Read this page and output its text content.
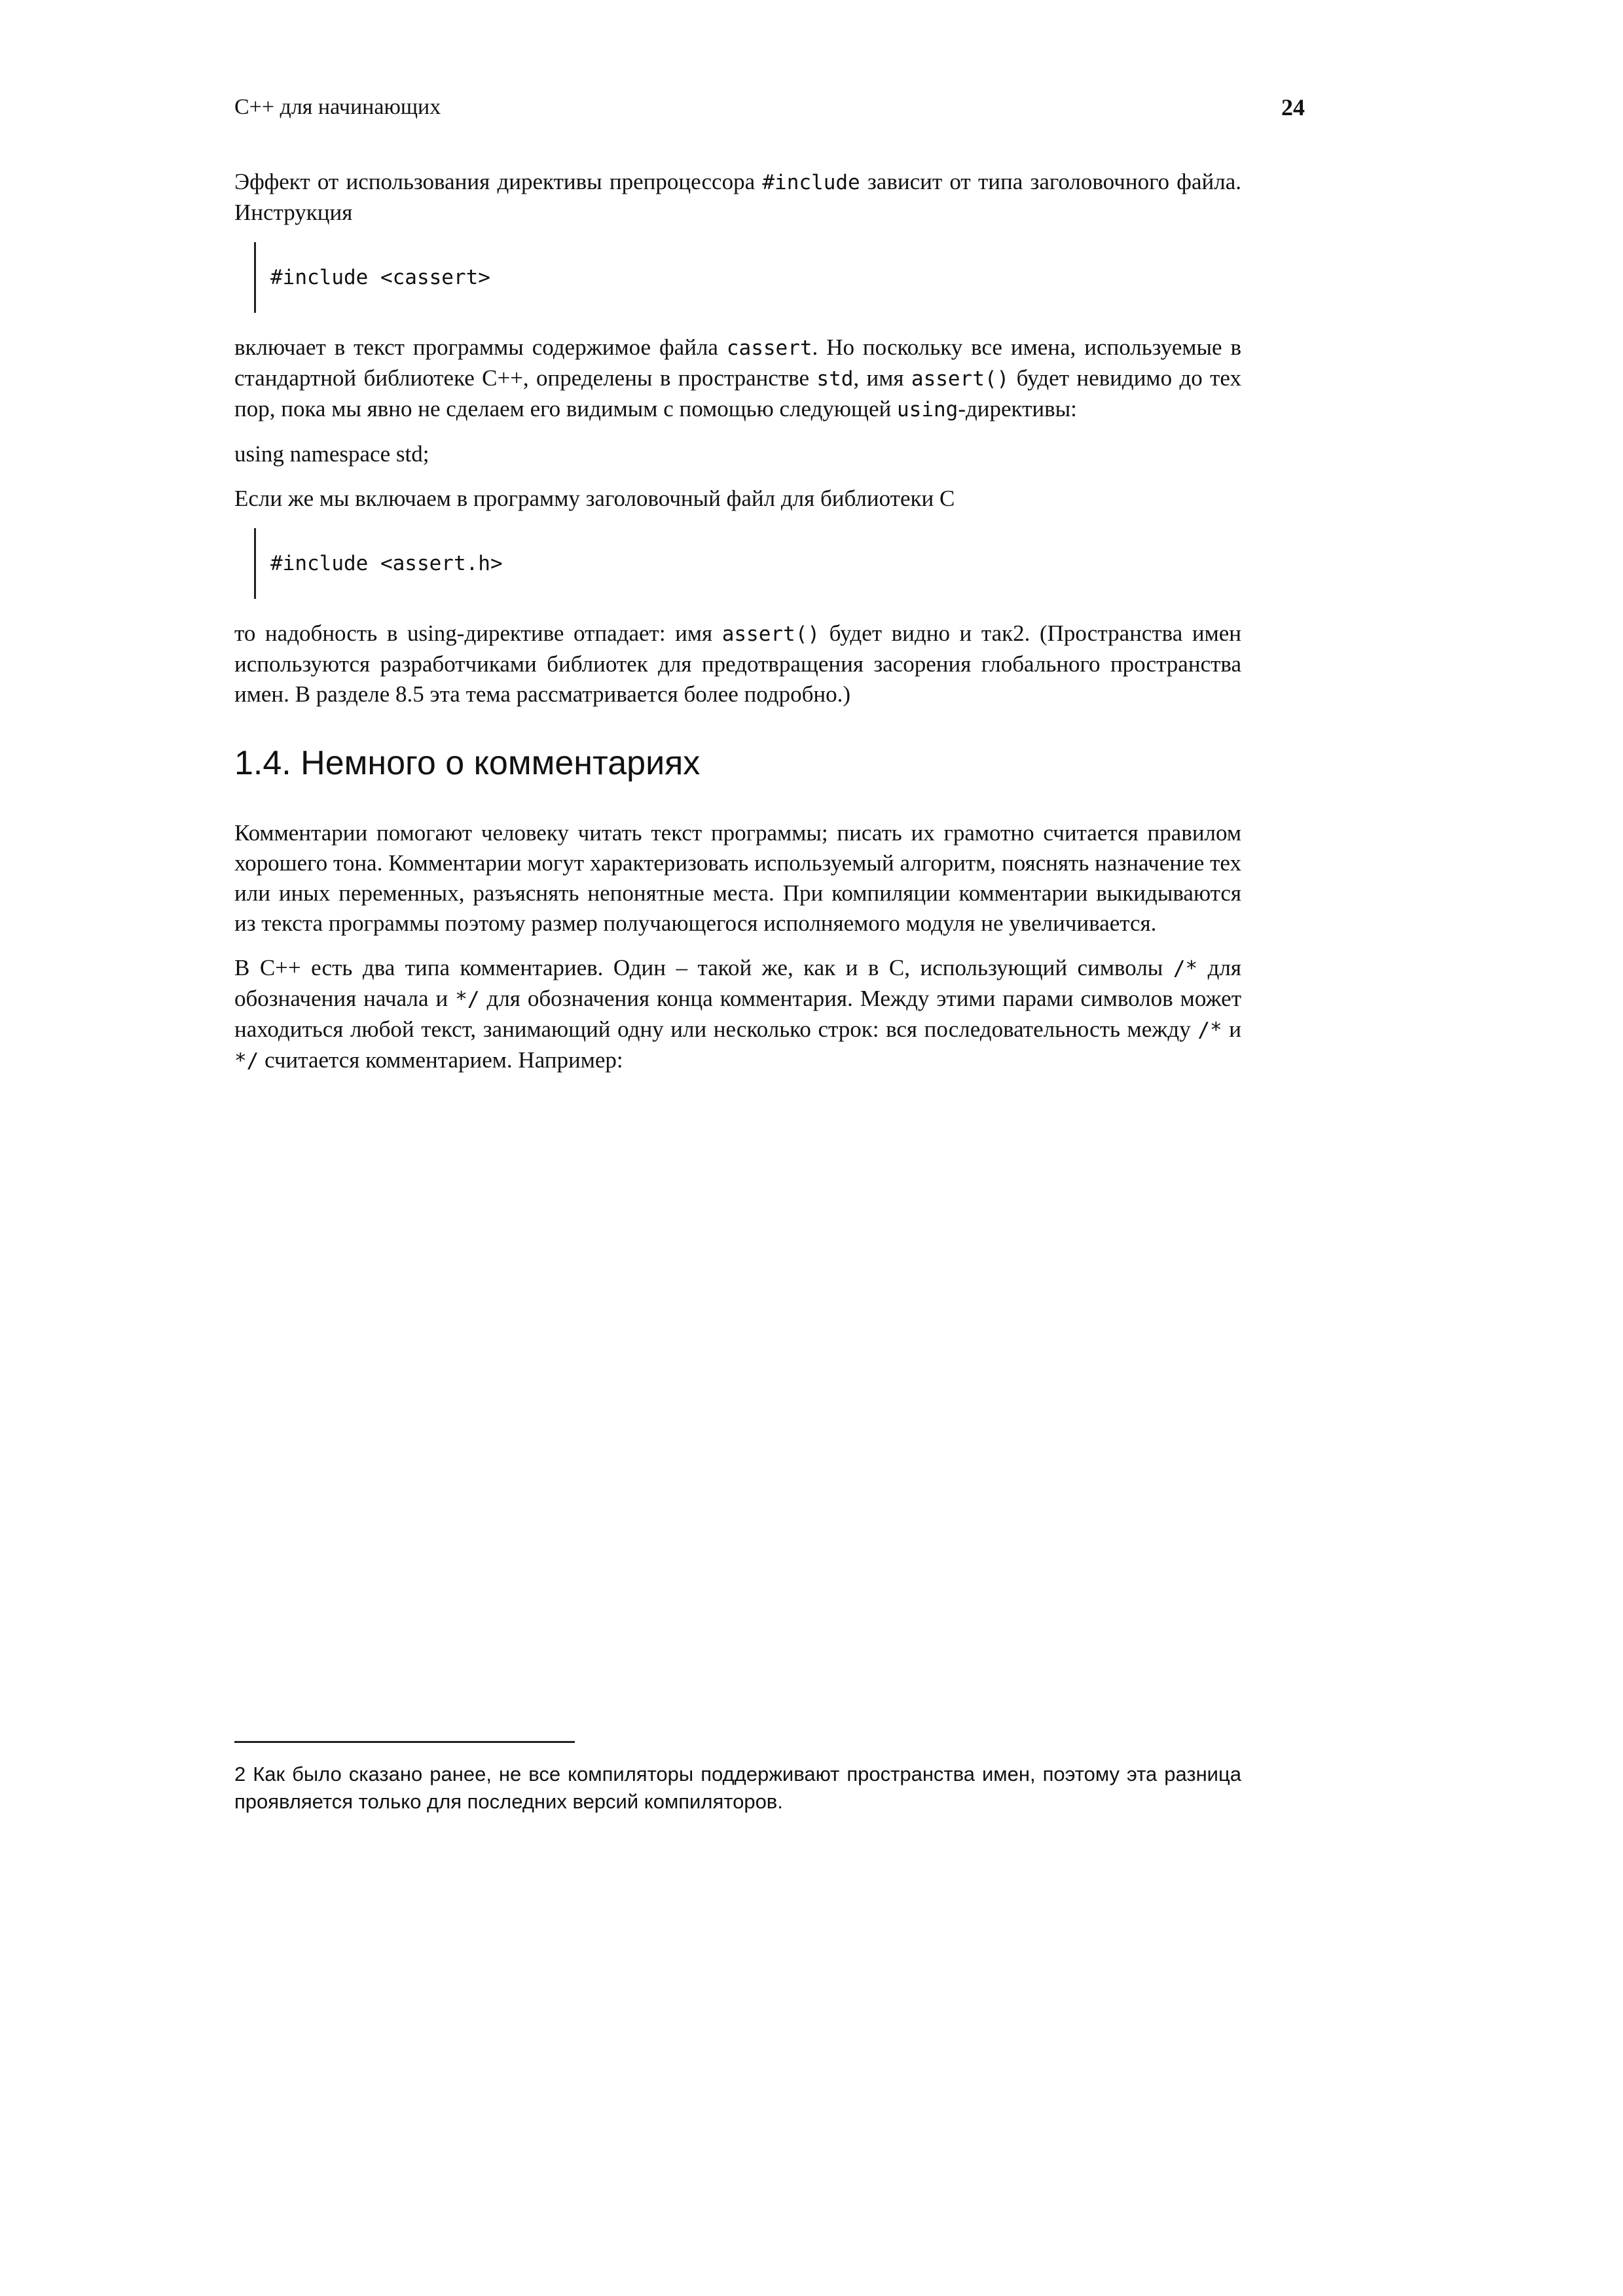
C++ для начинающих	24

Эффект от использования директивы препроцессора #include зависит от типа заголовочного файла. Инструкция

#include <cassert>

включает в текст программы содержимое файла cassert. Но поскольку все имена, используемые в стандартной библиотеке С++, определены в пространстве std, имя assert() будет невидимо до тех пор, пока мы явно не сделаем его видимым с помощью следующей using-директивы:

using namespace std;

Если же мы включаем в программу заголовочный файл для библиотеки С

#include <assert.h>

то надобность в using-директиве отпадает: имя assert() будет видно и так2. (Пространства имен используются разработчиками библиотек для предотвращения засорения глобального пространства имен. В разделе 8.5 эта тема рассматривается более подробно.)

1.4. Немного о комментариях

Комментарии помогают человеку читать текст программы; писать их грамотно считается правилом хорошего тона. Комментарии могут характеризовать используемый алгоритм, пояснять назначение тех или иных переменных, разъяснять непонятные места. При компиляции комментарии выкидываются из текста программы поэтому размер получающегося исполняемого модуля не увеличивается.

В С++ есть два типа комментариев. Один – такой же, как и в С, использующий символы /* для обозначения начала и */ для обозначения конца комментария. Между этими парами символов может находиться любой текст, занимающий одну или несколько строк: вся последовательность между /* и */ считается комментарием. Например:

2 Как было сказано ранее, не все компиляторы поддерживают пространства имен, поэтому эта разница проявляется только для последних версий компиляторов.
